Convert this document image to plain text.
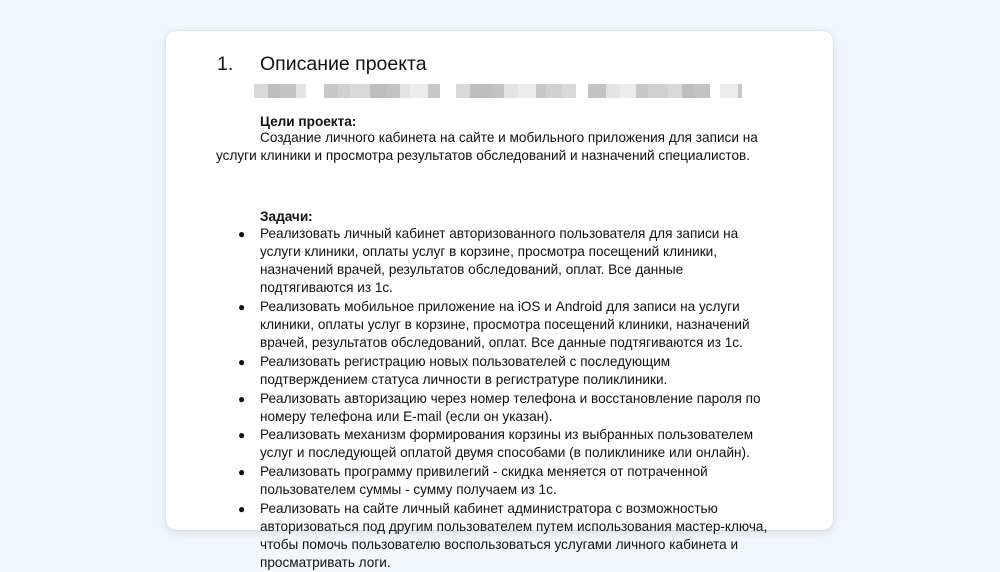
1. Описание проекта
Цели проекта:
Создание личного кабинета на сайте и мобильного приложения для записи на
услуги клиники и просмотра результатов обследований и назначений специалистов.
Задачи:
● Реализовать личный кабинет авторизованного пользователя для записи на
услуги клиники, оплаты услуг в корзине, просмотра посещений клиники,
назначений врачей, результатов обследований, оплат. Все данные
подтягиваются из 1с.
● Реализовать мобильное приложение на iOS и Android для записи на услуги
клиники, оплаты услуг в корзине, просмотра посещений клиники, назначений
врачей, результатов обследований, оплат. Все данные подтягиваются из 1с.
● Реализовать регистрацию новых пользователей с последующим
подтверждением статуса личности в регистратуре поликлиники.
● Реализовать авторизацию через номер телефона и восстановление пароля по
номеру телефона или E-mail (если он указан).
● Реализовать механизм формирования корзины из выбранных пользователем
услуг и последующей оплатой двумя способами (в поликлинике или онлайн).
● Реализовать программу привилегий - скидка меняется от потраченной
пользователем суммы - сумму получаем из 1с.
● Реализовать на сайте личный кабинет администратора с возможностью
авторизоваться под другим пользователем путем использования мастер-ключа,
чтобы помочь пользователю воспользоваться услугами личного кабинета и
просматривать логи.
